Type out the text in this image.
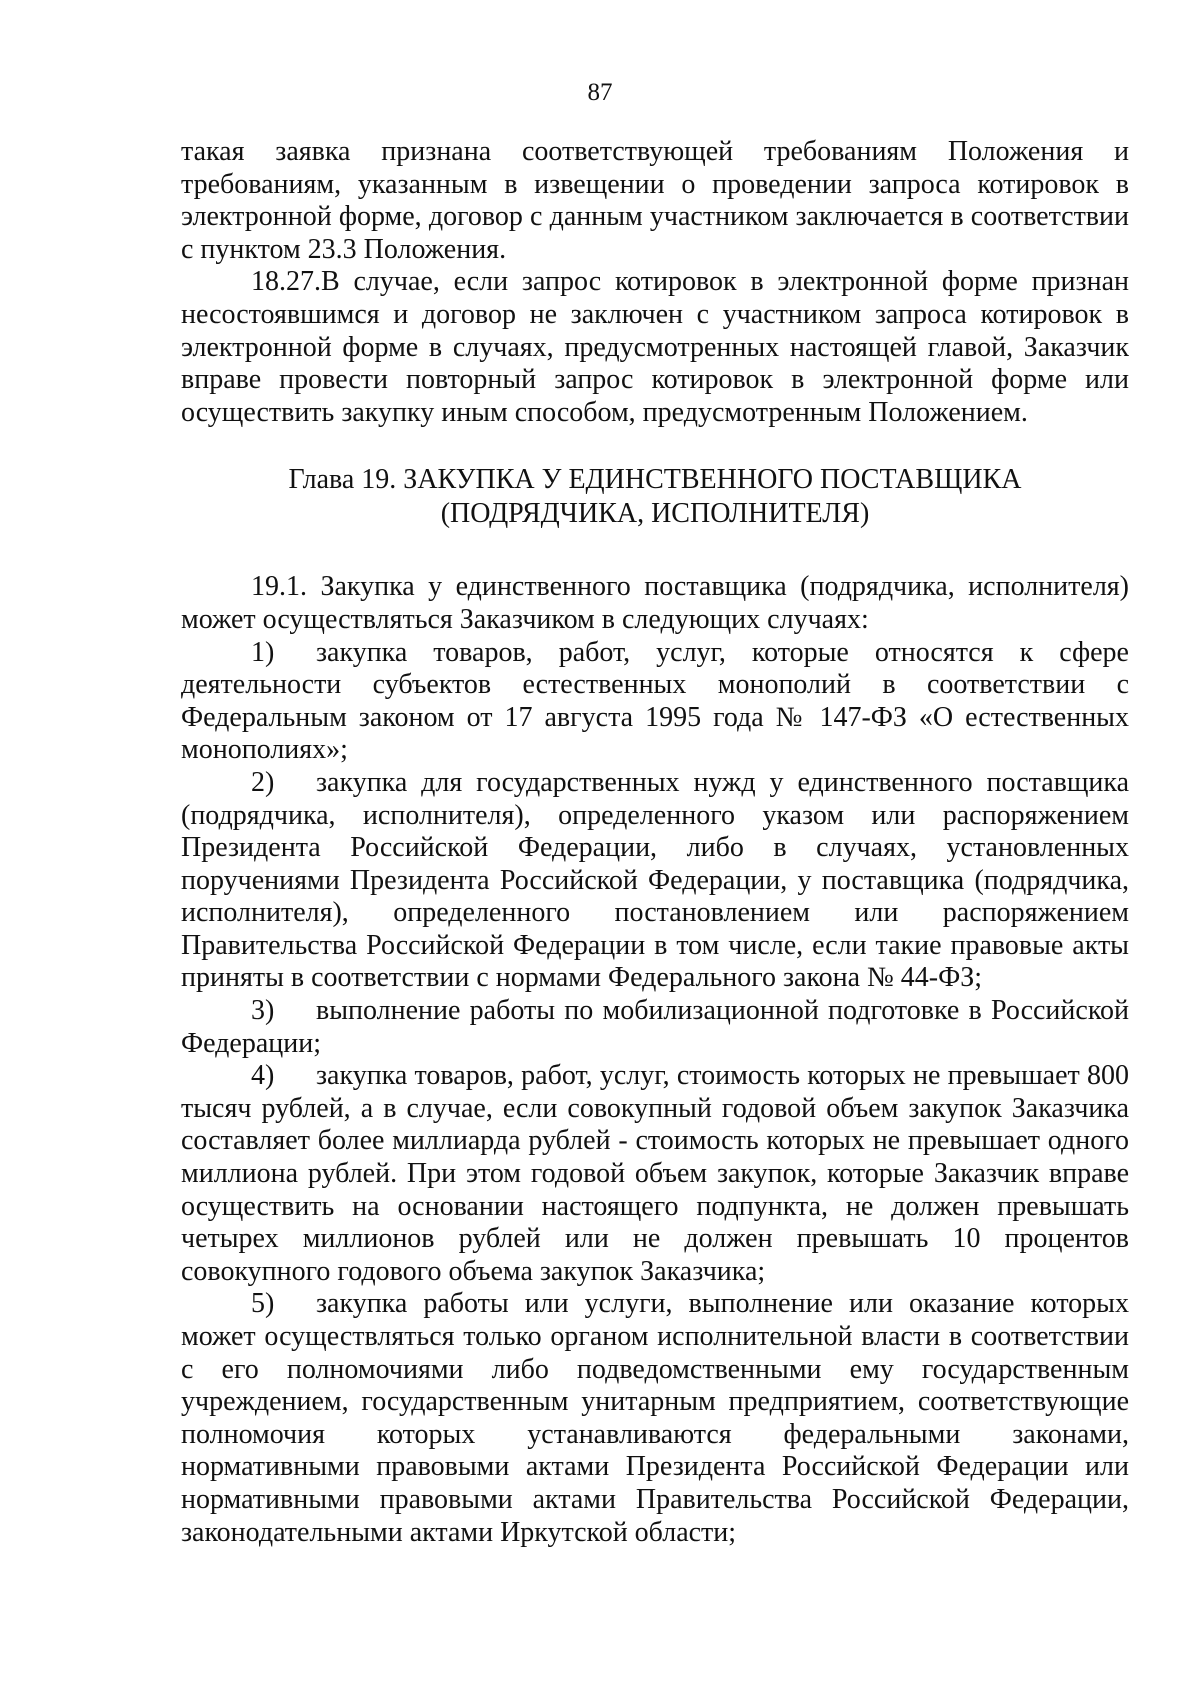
87

такая заявка признана соответствующей требованиям Положения и требованиям, указанным в извещении о проведении запроса котировок в электронной форме, договор с данным участником заключается в соответствии с пунктом 23.3 Положения.

18.27.В случае, если запрос котировок в электронной форме признан несостоявшимся и договор не заключен с участником запроса котировок в электронной форме в случаях, предусмотренных настоящей главой, Заказчик вправе провести повторный запрос котировок в электронной форме или осуществить закупку иным способом, предусмотренным Положением.

Глава 19. ЗАКУПКА У ЕДИНСТВЕННОГО ПОСТАВЩИКА
(ПОДРЯДЧИКА, ИСПОЛНИТЕЛЯ)

19.1. Закупка у единственного поставщика (подрядчика, исполнителя) может осуществляться Заказчиком в следующих случаях:

1) закупка товаров, работ, услуг, которые относятся к сфере деятельности субъектов естественных монополий в соответствии с Федеральным законом от 17 августа 1995 года № 147-ФЗ «О естественных монополиях»;

2) закупка для государственных нужд у единственного поставщика (подрядчика, исполнителя), определенного указом или распоряжением Президента Российской Федерации, либо в случаях, установленных поручениями Президента Российской Федерации, у поставщика (подрядчика, исполнителя), определенного постановлением или распоряжением Правительства Российской Федерации в том числе, если такие правовые акты приняты в соответствии с нормами Федерального закона № 44-ФЗ;

3) выполнение работы по мобилизационной подготовке в Российской Федерации;

4) закупка товаров, работ, услуг, стоимость которых не превышает 800 тысяч рублей, а в случае, если совокупный годовой объем закупок Заказчика составляет более миллиарда рублей - стоимость которых не превышает одного миллиона рублей. При этом годовой объем закупок, которые Заказчик вправе осуществить на основании настоящего подпункта, не должен превышать четырех миллионов рублей или не должен превышать 10 процентов совокупного годового объема закупок Заказчика;

5) закупка работы или услуги, выполнение или оказание которых может осуществляться только органом исполнительной власти в соответствии с его полномочиями либо подведомственными ему государственным учреждением, государственным унитарным предприятием, соответствующие полномочия которых устанавливаются федеральными законами, нормативными правовыми актами Президента Российской Федерации или нормативными правовыми актами Правительства Российской Федерации, законодательными актами Иркутской области;
